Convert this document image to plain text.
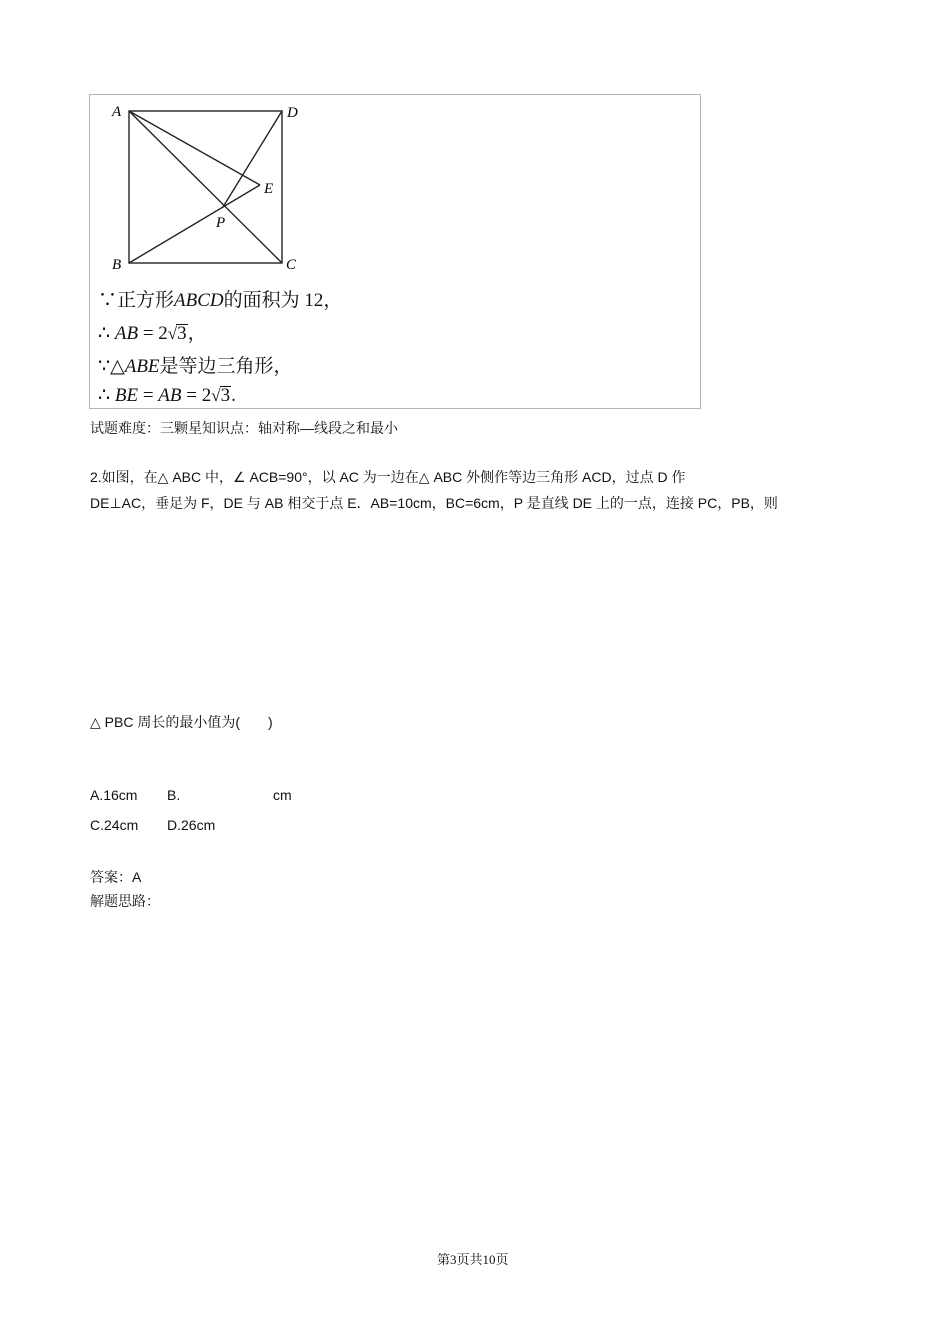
A	D
E
P
B	C
∵正方形ABCD的面积为 12，
∴ AB = 2√3，
∵△ABE是等边三角形，
∴ BE = AB = 2√3.
试题难度：三颗星知识点：轴对称—线段之和最小
2.如图，在△ ABC 中，∠ ACB=90°，以 AC 为一边在△ ABC 外侧作等边三角形 ACD，过点 D 作
DE⊥AC，垂足为 F，DE 与 AB 相交于点 E．AB=10cm，BC=6cm，P 是直线 DE 上的一点，连接 PC，PB，则
△ PBC 周长的最小值为(　　)
A.16cm B.	cm
C.24cm D.26cm
答案：A
解题思路：
第3页共10页
